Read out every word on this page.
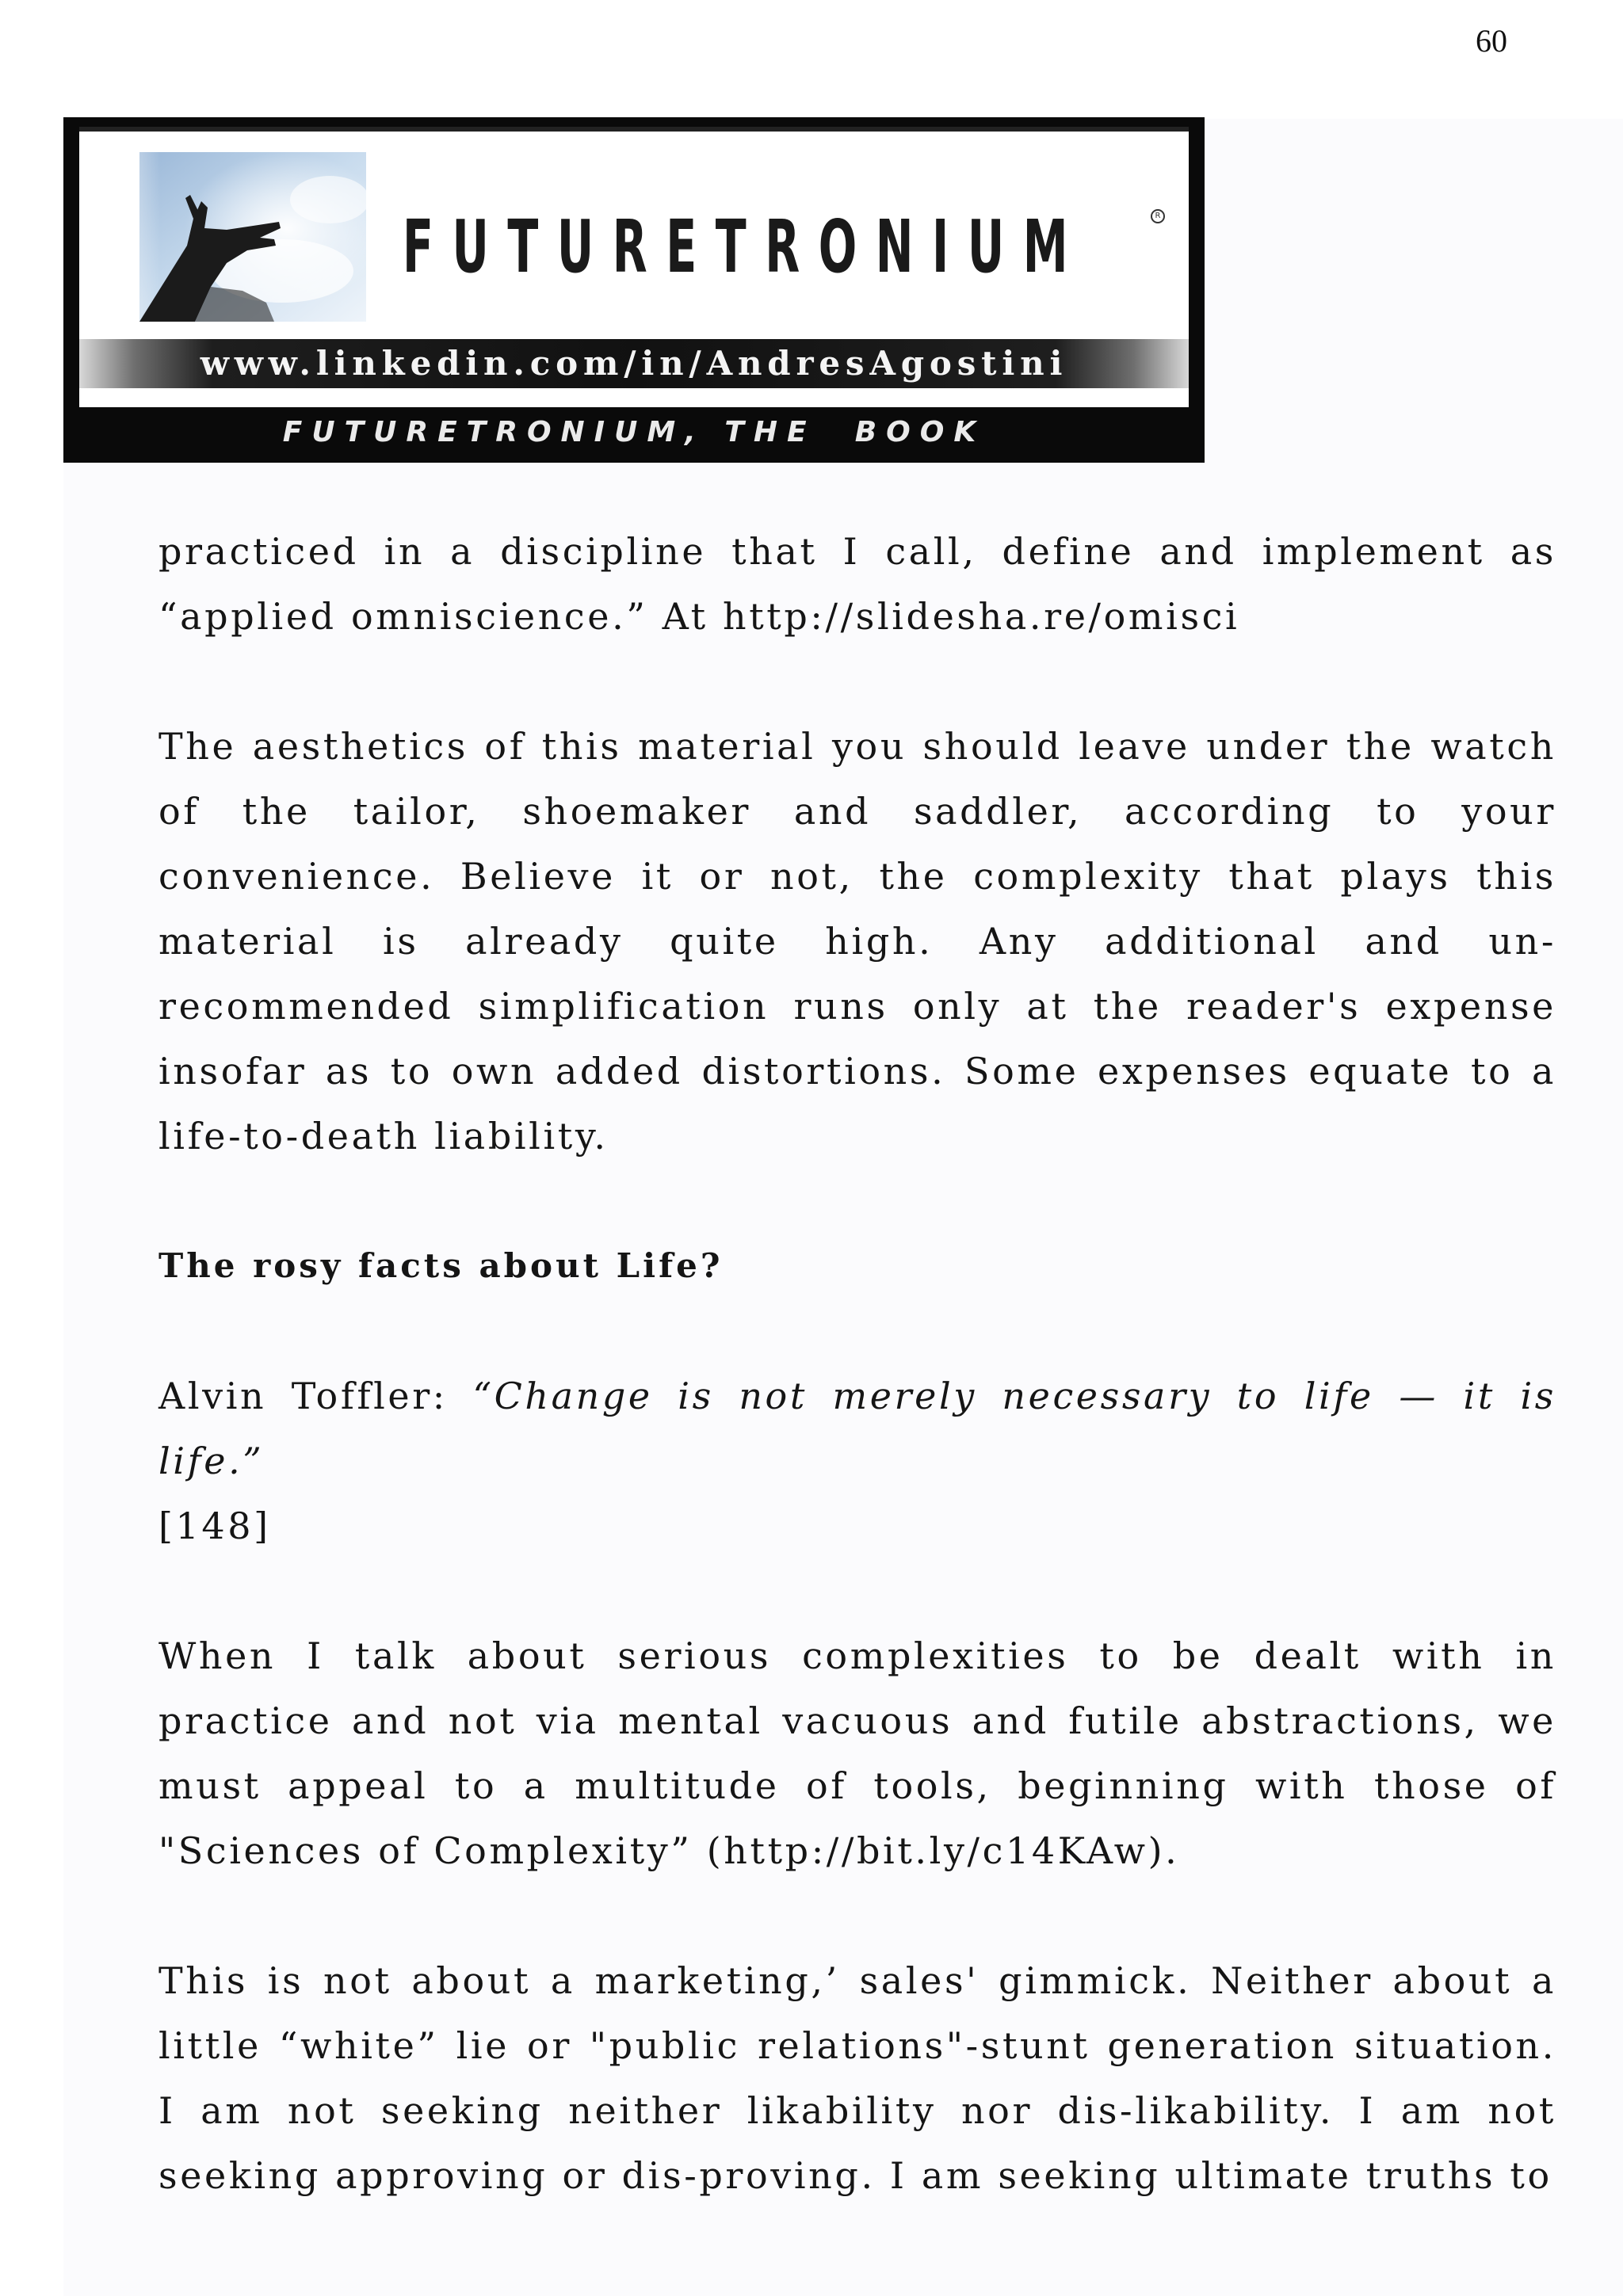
60
FUTURETRONIUM	R
www.linkedin.com/in/AndresAgostini
FUTURETRONIUM, THE  BOOK

practiced in a discipline that I call, define and implement as “applied omniscience.” At http://slidesha.re/omisci

The aesthetics of this material you should leave under the watch of the tailor, shoemaker and saddler, according to your convenience. Believe it or not, the complexity that plays this material is already quite high. Any additional and un-recommended simplification runs only at the reader's expense insofar as to own added distortions. Some expenses equate to a life-to-death liability.

The rosy facts about Life?

Alvin Toffler: “Change is not merely necessary to life — it is life.”

[148]

When I talk about serious complexities to be dealt with in practice and not via mental vacuous and futile abstractions, we must appeal to a multitude of tools, beginning with those of "Sciences of Complexity” (http://bit.ly/c14KAw).

This is not about a marketing,’ sales' gimmick. Neither about a little “white” lie or "public relations"-stunt generation situation. I am not seeking neither likability nor dis-likability. I am not seeking approving or dis-proving. I am seeking ultimate truths to
